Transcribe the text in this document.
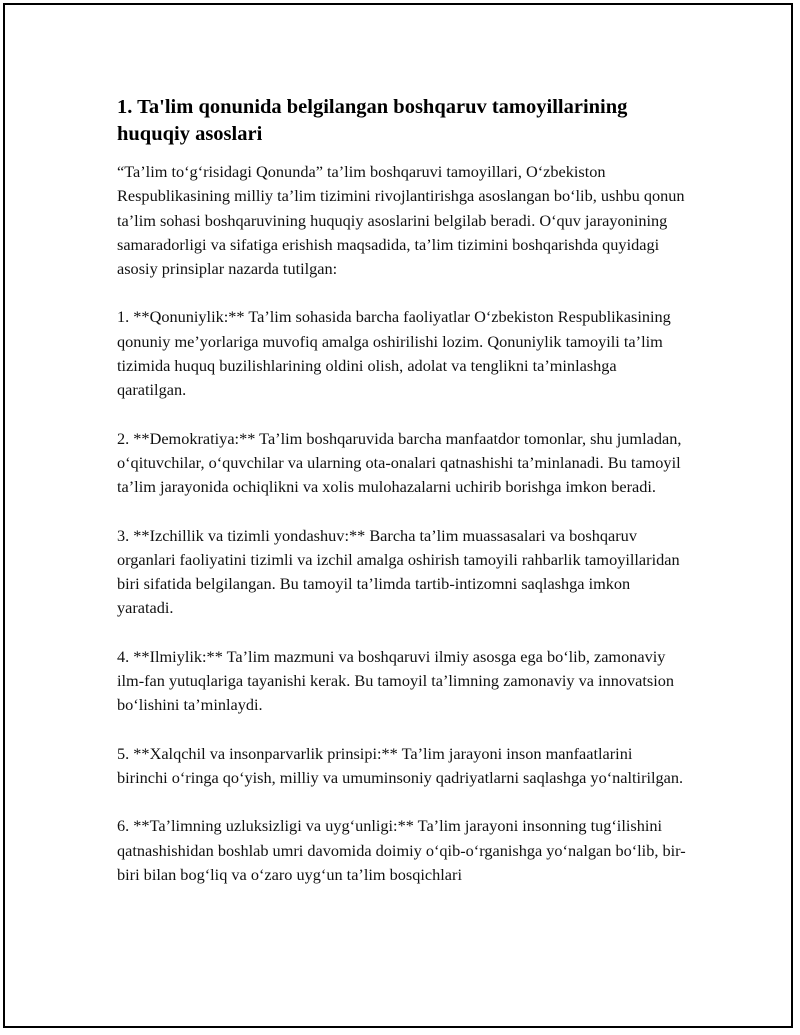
1. Ta'lim qonunida belgilangan boshqaruv tamoyillarining huquqiy asoslari

“Ta’lim to‘g‘risidagi Qonunda” ta’lim boshqaruvi tamoyillari, O‘zbekiston Respublikasining milliy ta’lim tizimini rivojlantirishga asoslangan bo‘lib, ushbu qonun ta’lim sohasi boshqaruvining huquqiy asoslarini belgilab beradi. O‘quv jarayonining samaradorligi va sifatiga erishish maqsadida, ta’lim tizimini boshqarishda quyidagi asosiy prinsiplar nazarda tutilgan:

1. **Qonuniylik:** Ta’lim sohasida barcha faoliyatlar O‘zbekiston Respublikasining qonuniy me’yorlariga muvofiq amalga oshirilishi lozim. Qonuniylik tamoyili ta’lim tizimida huquq buzilishlarining oldini olish, adolat va tenglikni ta’minlashga qaratilgan.

2. **Demokratiya:** Ta’lim boshqaruvida barcha manfaatdor tomonlar, shu jumladan, o‘qituvchilar, o‘quvchilar va ularning ota-onalari qatnashishi ta’minlanadi. Bu tamoyil ta’lim jarayonida ochiqlikni va xolis mulohazalarni uchirib borishga imkon beradi.

3. **Izchillik va tizimli yondashuv:** Barcha ta’lim muassasalari va boshqaruv organlari faoliyatini tizimli va izchil amalga oshirish tamoyili rahbarlik tamoyillaridan biri sifatida belgilangan. Bu tamoyil ta’limda tartib-intizomni saqlashga imkon yaratadi.

4. **Ilmiylik:** Ta’lim mazmuni va boshqaruvi ilmiy asosga ega bo‘lib, zamonaviy ilm-fan yutuqlariga tayanishi kerak. Bu tamoyil ta’limning zamonaviy va innovatsion bo‘lishini ta’minlaydi.

5. **Xalqchil va insonparvarlik prinsipi:** Ta’lim jarayoni inson manfaatlarini birinchi o‘ringa qo‘yish, milliy va umuminsoniy qadriyatlarni saqlashga yo‘naltirilgan.

6. **Ta’limning uzluksizligi va uyg‘unligi:** Ta’lim jarayoni insonning tug‘ilishini qatnashishidan boshlab umri davomida doimiy o‘qib-o‘rganishga yo‘nalgan bo‘lib, bir-biri bilan bog‘liq va o‘zaro uyg‘un ta’lim bosqichlari
